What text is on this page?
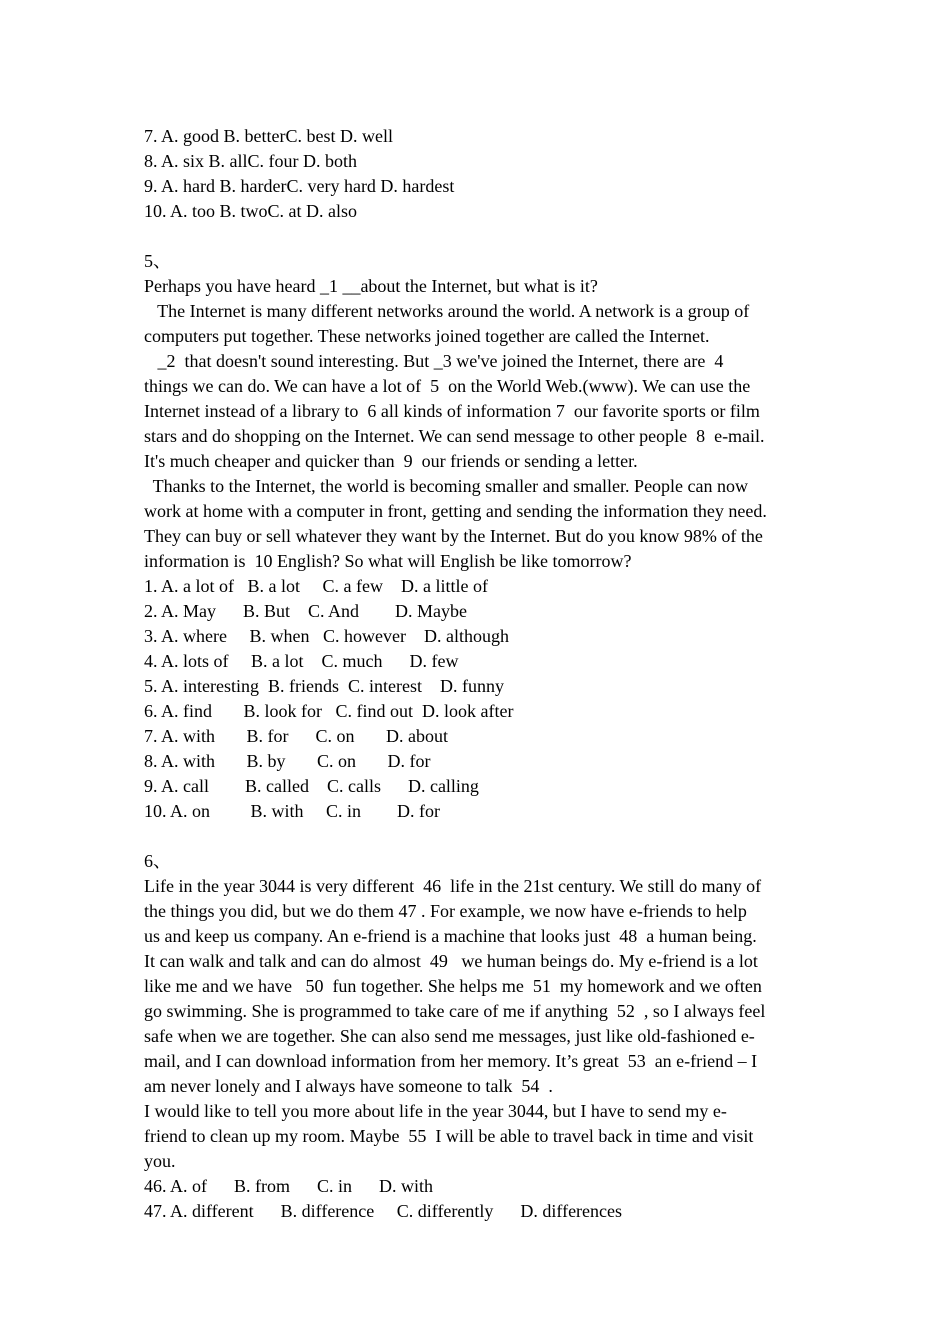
7. A. good B. betterC. best D. well
8. A. six B. allC. four D. both
9. A. hard B. harderC. very hard D. hardest
10. A. too B. twoC. at D. also
5、
Perhaps you have heard _1 __about the Internet, but what is it?
The Internet is many different networks around the world. A network is a group of
computers put together. These networks joined together are called the Internet.
_2  that doesn't sound interesting. But _3 we've joined the Internet, there are  4
things we can do. We can have a lot of  5  on the World Web.(www). We can use the
Internet instead of a library to  6 all kinds of information 7  our favorite sports or film
stars and do shopping on the Internet. We can send message to other people  8  e-mail.
It's much cheaper and quicker than  9  our friends or sending a letter.
Thanks to the Internet, the world is becoming smaller and smaller. People can now
work at home with a computer in front, getting and sending the information they need.
They can buy or sell whatever they want by the Internet. But do you know 98% of the
information is  10 English? So what will English be like tomorrow?
1. A. a lot of   B. a lot     C. a few    D. a little of
2. A. May      B. But    C. And        D. Maybe
3. A. where     B. when   C. however    D. although
4. A. lots of     B. a lot    C. much      D. few
5. A. interesting  B. friends  C. interest    D. funny
6. A. find       B. look for   C. find out  D. look after
7. A. with       B. for      C. on       D. about
8. A. with       B. by       C. on       D. for
9. A. call        B. called    C. calls      D. calling
10. A. on         B. with     C. in        D. for
6、
Life in the year 3044 is very different  46  life in the 21st century. We still do many of
the things you did, but we do them 47 . For example, we now have e-friends to help
us and keep us company. An e-friend is a machine that looks just  48  a human being.
It can walk and talk and can do almost  49   we human beings do. My e-friend is a lot
like me and we have   50  fun together. She helps me  51  my homework and we often
go swimming. She is programmed to take care of me if anything  52  , so I always feel
safe when we are together. She can also send me messages, just like old-fashioned e-
mail, and I can download information from her memory. It’s great  53  an e-friend – I
am never lonely and I always have someone to talk  54  .
I would like to tell you more about life in the year 3044, but I have to send my e-
friend to clean up my room. Maybe  55  I will be able to travel back in time and visit
you.
46. A. of      B. from      C. in      D. with
47. A. different      B. difference     C. differently      D. differences
